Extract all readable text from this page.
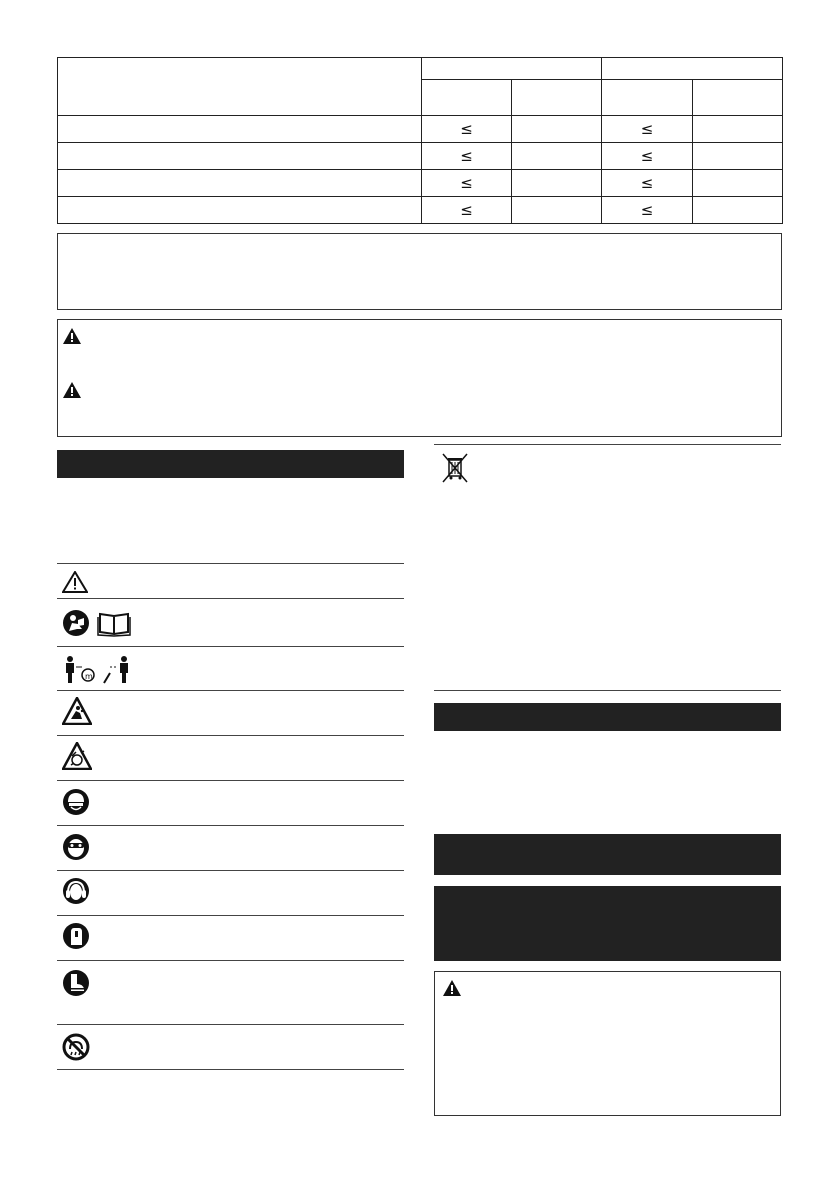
	≤		≤	
	≤		≤	
	≤		≤	
	≤		≤	
m
